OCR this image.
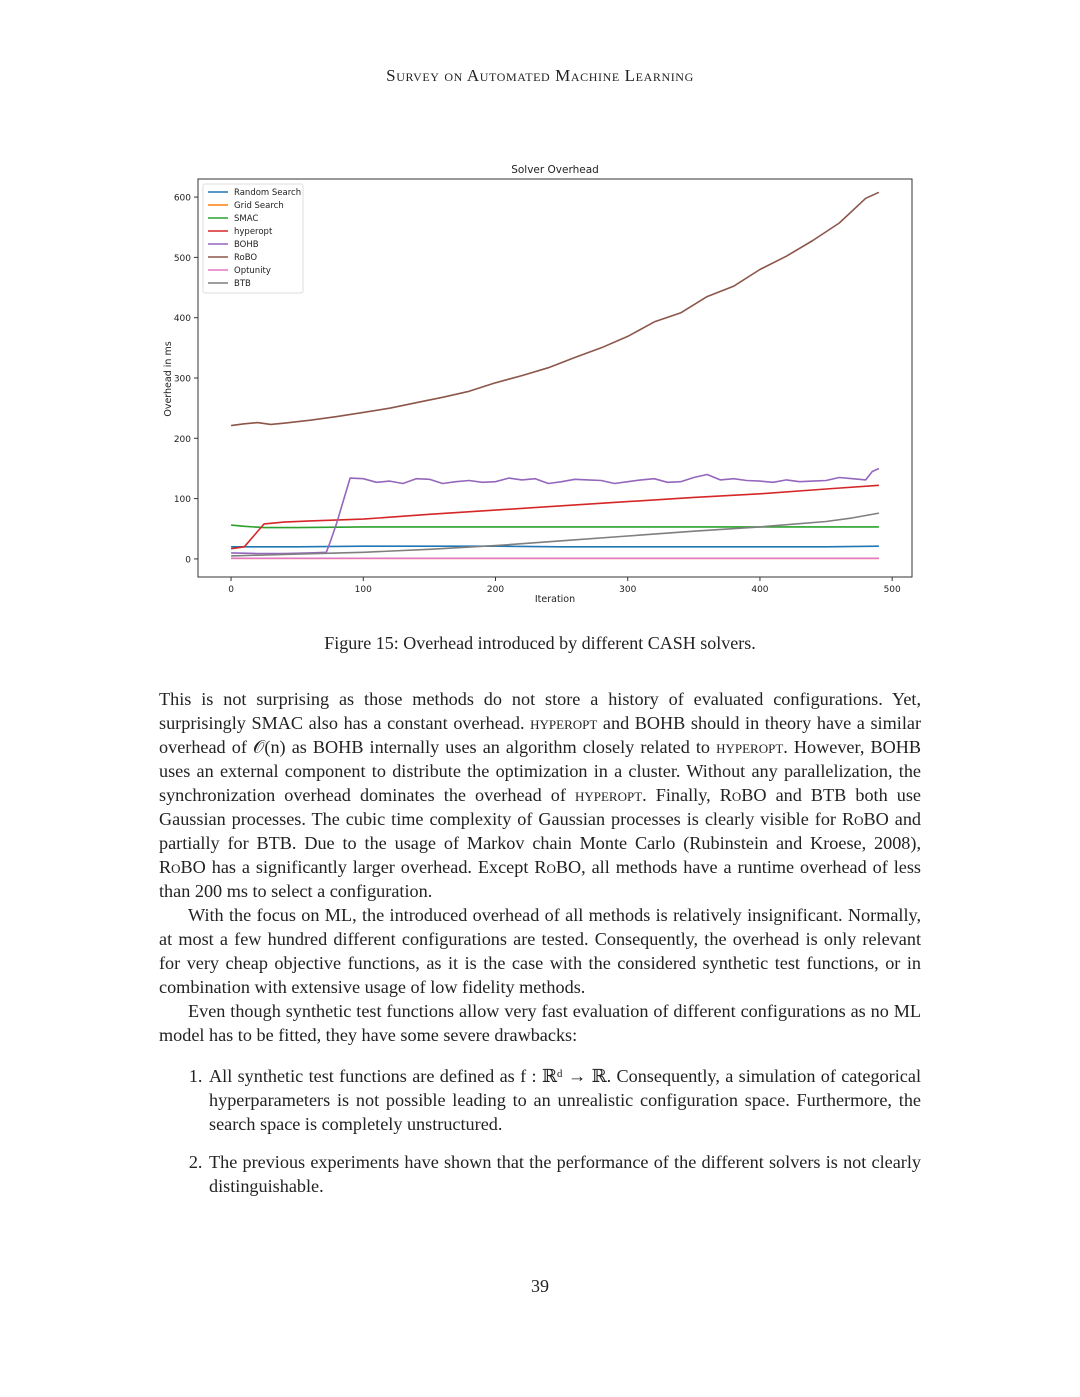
Survey on Automated Machine Learning
Solver Overhead
0
100
200
300
400
500
600
0	100	200	300	400	500
Iteration
Overhead in ms
Random Search
Grid Search
SMAC
hyperopt
BOHB
RoBO
Optunity
BTB
Figure 15: Overhead introduced by different CASH solvers.

This is not surprising as those methods do not store a history of evaluated configurations. Yet, surprisingly SMAC also has a constant overhead. hyperopt and BOHB should in theory have a similar overhead of 𝒪(n) as BOHB internally uses an algorithm closely related to hyperopt. However, BOHB uses an external component to distribute the optimization in a cluster. Without any parallelization, the synchronization overhead dominates the overhead of hyperopt. Finally, RoBO and BTB both use Gaussian processes. The cubic time complexity of Gaussian processes is clearly visible for RoBO and partially for BTB. Due to the usage of Markov chain Monte Carlo (Rubinstein and Kroese, 2008), RoBO has a significantly larger overhead. Except RoBO, all methods have a runtime overhead of less than 200 ms to select a configuration.

With the focus on ML, the introduced overhead of all methods is relatively insignificant. Normally, at most a few hundred different configurations are tested. Consequently, the overhead is only relevant for very cheap objective functions, as it is the case with the considered synthetic test functions, or in combination with extensive usage of low fidelity methods.

Even though synthetic test functions allow very fast evaluation of different configurations as no ML model has to be fitted, they have some severe drawbacks:

1. All synthetic test functions are defined as f : ℝᵈ → ℝ. Consequently, a simulation of categorical hyperparameters is not possible leading to an unrealistic configuration space. Furthermore, the search space is completely unstructured.
2. The previous experiments have shown that the performance of the different solvers is not clearly distinguishable.
39
